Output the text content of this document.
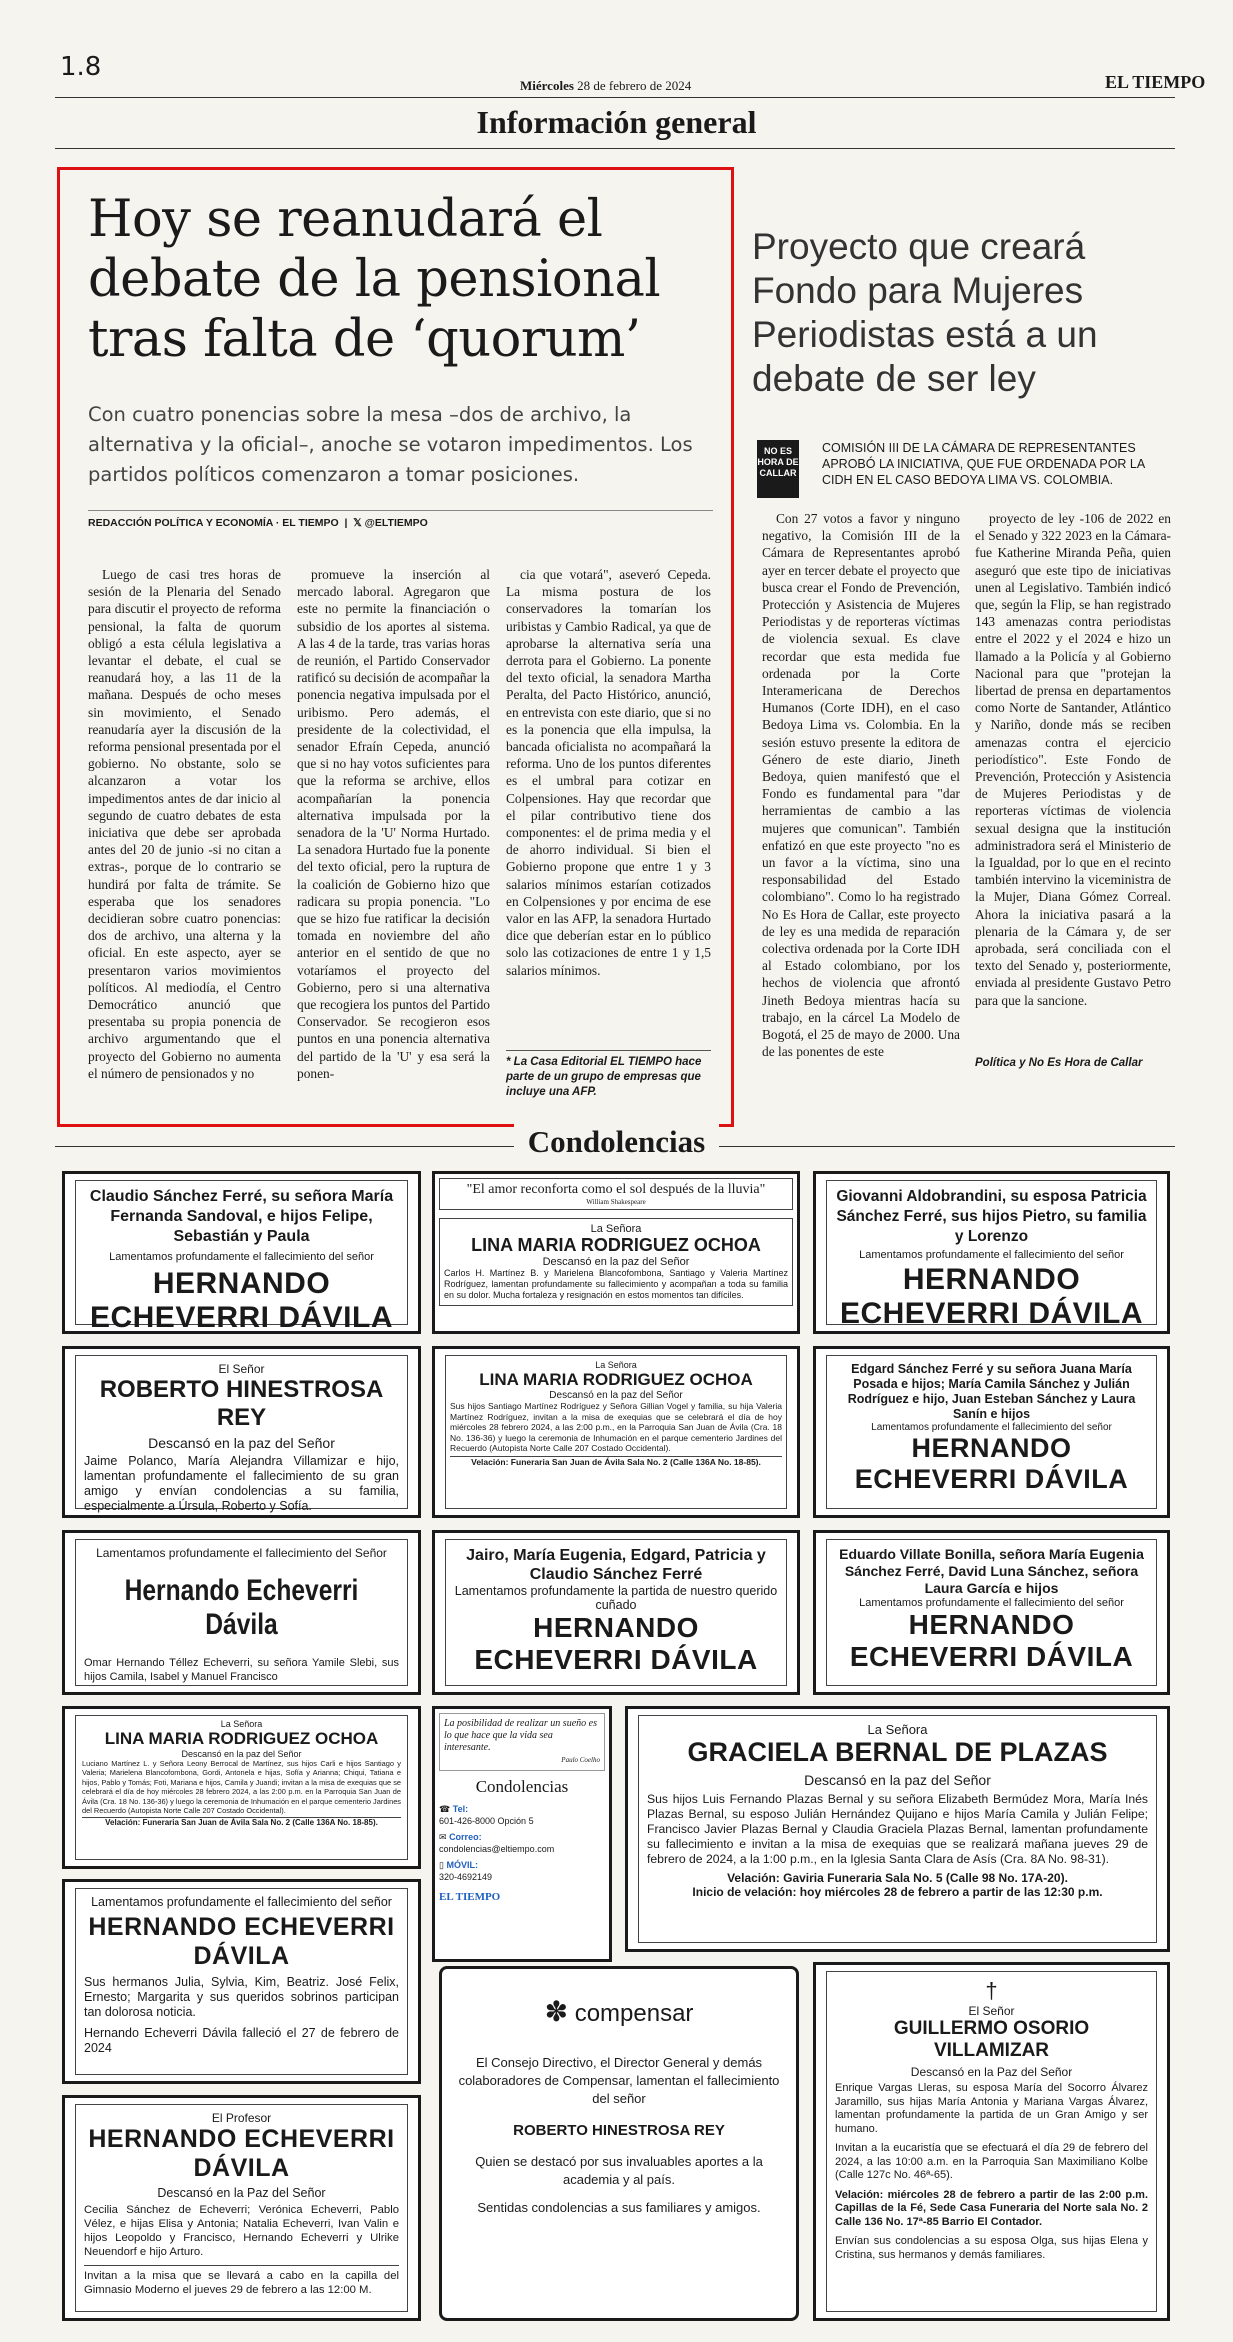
1.8
Miércoles 28 de febrero de 2024	EL TIEMPO
Información general
Hoy se reanudará el debate de la pensional tras falta de ‘quorum’
Con cuatro ponencias sobre la mesa –dos de archivo, la alternativa y la oficial–, anoche se votaron impedimentos. Los partidos políticos comenzaron a tomar posiciones.
REDACCIÓN POLÍTICA Y ECONOMÍA · EL TIEMPO  |  𝕏 @ELTIEMPO

Luego de casi tres horas de sesión de la Plenaria del Senado para discutir el proyecto de reforma pensional, la falta de quorum obligó a esta célula legislativa a levantar el debate, el cual se reanudará hoy, a las 11 de la mañana. Después de ocho meses sin movimiento, el Senado reanudaría ayer la discusión de la reforma pensional presentada por el gobierno. No obstante, solo se alcanzaron a votar los impedimentos antes de dar inicio al segundo de cuatro debates de esta iniciativa que debe ser aprobada antes del 20 de junio -si no citan a extras-, porque de lo contrario se hundirá por falta de trámite. Se esperaba que los senadores decidieran sobre cuatro ponencias: dos de archivo, una alterna y la oficial. En este aspecto, ayer se presentaron varios movimientos políticos. Al mediodía, el Centro Democrático anunció que presentaba su propia ponencia de archivo argumentando que el proyecto del Gobierno no aumenta el número de pensionados y no

promueve la inserción al mercado laboral. Agregaron que este no permite la financiación o subsidio de los aportes al sistema. A las 4 de la tarde, tras varias horas de reunión, el Partido Conservador ratificó su decisión de acompañar la ponencia negativa impulsada por el uribismo. Pero además, el presidente de la colectividad, el senador Efraín Cepeda, anunció que si no hay votos suficientes para que la reforma se archive, ellos acompañarían la ponencia alternativa impulsada por la senadora de la 'U' Norma Hurtado. La senadora Hurtado fue la ponente del texto oficial, pero la ruptura de la coalición de Gobierno hizo que radicara su propia ponencia. "Lo que se hizo fue ratificar la decisión tomada en noviembre del año anterior en el sentido de que no votaríamos el proyecto del Gobierno, pero si una alternativa que recogiera los puntos del Partido Conservador. Se recogieron esos puntos en una ponencia alternativa del partido de la 'U' y esa será la ponen-

cia que votará", aseveró Cepeda. La misma postura de los conservadores la tomarían los uribistas y Cambio Radical, ya que de aprobarse la alternativa sería una derrota para el Gobierno. La ponente del texto oficial, la senadora Martha Peralta, del Pacto Histórico, anunció, en entrevista con este diario, que si no es la ponencia que ella impulsa, la bancada oficialista no acompañará la reforma. Uno de los puntos diferentes es el umbral para cotizar en Colpensiones. Hay que recordar que el pilar contributivo tiene dos componentes: el de prima media y el de ahorro individual. Si bien el Gobierno propone que entre 1 y 3 salarios mínimos estarían cotizados en Colpensiones y por encima de ese valor en las AFP, la senadora Hurtado dice que deberían estar en lo público solo las cotizaciones de entre 1 y 1,5 salarios mínimos.

* La Casa Editorial EL TIEMPO hace parte de un grupo de empresas que incluye una AFP.
Proyecto que creará Fondo para Mujeres Periodistas está a un debate de ser ley
NO ES HORA DE CALLAR
COMISIÓN III DE LA CÁMARA DE REPRESENTANTES APROBÓ LA INICIATIVA, QUE FUE ORDENADA POR LA CIDH EN EL CASO BEDOYA LIMA VS. COLOMBIA.

Con 27 votos a favor y ninguno negativo, la Comisión III de la Cámara de Representantes aprobó ayer en tercer debate el proyecto que busca crear el Fondo de Prevención, Protección y Asistencia de Mujeres Periodistas y de reporteras víctimas de violencia sexual. Es clave recordar que esta medida fue ordenada por la Corte Interamericana de Derechos Humanos (Corte IDH), en el caso Bedoya Lima vs. Colombia. En la sesión estuvo presente la editora de Género de este diario, Jineth Bedoya, quien manifestó que el Fondo es fundamental para "dar herramientas de cambio a las mujeres que comunican". También enfatizó en que este proyecto "no es un favor a la víctima, sino una responsabilidad del Estado colombiano". Como lo ha registrado No Es Hora de Callar, este proyecto de ley es una medida de reparación colectiva ordenada por la Corte IDH al Estado colombiano, por los hechos de violencia que afrontó Jineth Bedoya mientras hacía su trabajo, en la cárcel La Modelo de Bogotá, el 25 de mayo de 2000. Una de las ponentes de este

proyecto de ley -106 de 2022 en el Senado y 322 2023 en la Cámara- fue Katherine Miranda Peña, quien aseguró que este tipo de iniciativas unen al Legislativo. También indicó que, según la Flip, se han registrado 143 amenazas contra periodistas entre el 2022 y el 2024 e hizo un llamado a la Policía y al Gobierno Nacional para que "protejan la libertad de prensa en departamentos como Norte de Santander, Atlántico y Nariño, donde más se reciben amenazas contra el ejercicio periodístico". Este Fondo de Prevención, Protección y Asistencia de Mujeres Periodistas y de reporteras víctimas de violencia sexual designa que la institución administradora será el Ministerio de la Igualdad, por lo que en el recinto también intervino la viceministra de la Mujer, Diana Gómez Correal. Ahora la iniciativa pasará a la plenaria de la Cámara y, de ser aprobada, será conciliada con el texto del Senado y, posteriormente, enviada al presidente Gustavo Petro para que la sancione.

Política y No Es Hora de Callar
Condolencias
Claudio Sánchez Ferré, su señora María Fernanda Sandoval, e hijos Felipe, Sebastián y Paula
Lamentamos profundamente el fallecimiento del señor
HERNANDO ECHEVERRI DÁVILA
"El amor reconforta como el sol después de la lluvia"
William Shakespeare
La Señora
LINA MARIA RODRIGUEZ OCHOA
Descansó en la paz del Señor
Carlos H. Martínez B. y Marielena Blancofombona, Santiago y Valeria Martínez Rodríguez, lamentan profundamente su fallecimiento y acompañan a toda su familia en su dolor. Mucha fortaleza y resignación en estos momentos tan difíciles.
Giovanni Aldobrandini, su esposa Patricia Sánchez Ferré, sus hijos Pietro, su familia y Lorenzo
Lamentamos profundamente el fallecimiento del señor
HERNANDO ECHEVERRI DÁVILA
El Señor
ROBERTO HINESTROSA REY
Descansó en la paz del Señor
Jaime Polanco, María Alejandra Villamizar e hijo, lamentan profundamente el fallecimiento de su gran amigo y envían condolencias a su familia, especialmente a Úrsula, Roberto y Sofía.
La Señora
LINA MARIA RODRIGUEZ OCHOA
Descansó en la paz del Señor
Sus hijos Santiago Martínez Rodríguez y Señora Gillian Vogel y familia, su hija Valeria Martínez Rodríguez, invitan a la misa de exequias que se celebrará el día de hoy miércoles 28 febrero 2024, a las 2:00 p.m., en la Parroquia San Juan de Ávila (Cra. 18 No. 136-36) y luego la ceremonia de Inhumación en el parque cementerio Jardines del Recuerdo (Autopista Norte Calle 207 Costado Occidental).
Velación: Funeraria San Juan de Ávila Sala No. 2 (Calle 136A No. 18-85).
Edgard Sánchez Ferré y su señora Juana María Posada e hijos; María Camila Sánchez y Julián Rodríguez e hijo, Juan Esteban Sánchez y Laura Sanín e hijos
Lamentamos profundamente el fallecimiento del señor
HERNANDO ECHEVERRI DÁVILA
Lamentamos profundamente el fallecimiento del Señor
Hernando Echeverri Dávila
Omar Hernando Téllez Echeverri, su señora Yamile Slebi, sus hijos Camila, Isabel y Manuel Francisco
Jairo, María Eugenia, Edgard, Patricia y Claudio Sánchez Ferré
Lamentamos profundamente la partida de nuestro querido cuñado
HERNANDO ECHEVERRI DÁVILA
Eduardo Villate Bonilla, señora María Eugenia Sánchez Ferré, David Luna Sánchez, señora Laura García e hijos
Lamentamos profundamente el fallecimiento del señor
HERNANDO ECHEVERRI DÁVILA
La Señora
LINA MARIA RODRIGUEZ OCHOA
Descansó en la paz del Señor
Luciano Martínez L. y Señora Leony Berrocal de Martínez, sus hijos Carli e hijos Santiago y Valeria; Marielena Blancofombona, Gordi, Antonela e hijas, Sofía y Arianna; Chiqui, Tatiana e hijos, Pablo y Tomás; Foti, Mariana e hijos, Camila y Juandi; invitan a la misa de exequias que se celebrará el día de hoy miércoles 28 febrero 2024, a las 2:00 p.m. en la Parroquia San Juan de Ávila (Cra. 18 No. 136-36) y luego la ceremonia de Inhumación en el parque cementerio Jardines del Recuerdo (Autopista Norte Calle 207 Costado Occidental).
Velación: Funeraria San Juan de Ávila Sala No. 2 (Calle 136A No. 18-85).
La posibilidad de realizar un sueño es lo que hace que la vida sea interesante.
Paulo Coelho
Condolencias
☎ Tel:
601-426-8000 Opción 5
✉ Correo:
condolencias@eltiempo.com
▯ MÓVIL:
320-4692149
EL TIEMPO
La Señora
GRACIELA BERNAL DE PLAZAS
Descansó en la paz del Señor
Sus hijos Luis Fernando Plazas Bernal y su señora Elizabeth Bermúdez Mora, María Inés Plazas Bernal, su esposo Julián Hernández Quijano e hijos María Camila y Julián Felipe; Francisco Javier Plazas Bernal y Claudia Graciela Plazas Bernal, lamentan profundamente su fallecimiento e invitan a la misa de exequias que se realizará mañana jueves 29 de febrero de 2024, a la 1:00 p.m., en la Iglesia Santa Clara de Asís (Cra. 8A No. 98-31).
Velación: Gaviria Funeraria Sala No. 5 (Calle 98 No. 17A-20).
Inicio de velación: hoy miércoles 28 de febrero a partir de las 12:30 p.m.
Lamentamos profundamente el fallecimiento del señor
HERNANDO ECHEVERRI DÁVILA
Sus hermanos Julia, Sylvia, Kim, Beatriz. José Felix, Ernesto; Margarita y sus queridos sobrinos participan tan dolorosa noticia.
Hernando Echeverri Dávila falleció el 27 de febrero de 2024
✽ compensar
El Consejo Directivo, el Director General y demás colaboradores de Compensar, lamentan el fallecimiento del señor
ROBERTO HINESTROSA REY
Quien se destacó por sus invaluables aportes a la academia y al país.
Sentidas condolencias a sus familiares y amigos.
†
El Señor
GUILLERMO OSORIO VILLAMIZAR
Descansó en la Paz del Señor
Enrique Vargas Lleras, su esposa María del Socorro Álvarez Jaramillo, sus hijas María Antonia y Mariana Vargas Álvarez, lamentan profundamente la partida de un Gran Amigo y ser humano.
Invitan a la eucaristía que se efectuará el día 29 de febrero del 2024, a las 10:00 a.m. en la Parroquia San Maximiliano Kolbe (Calle 127c No. 46ª-65).
Velación: miércoles 28 de febrero a partir de las 2:00 p.m. Capillas de la Fé, Sede Casa Funeraria del Norte sala No. 2 Calle 136 No. 17ª-85 Barrio El Contador.
Envían sus condolencias a su esposa Olga, sus hijas Elena y Cristina, sus hermanos y demás familiares.
El Profesor
HERNANDO ECHEVERRI DÁVILA
Descansó en la Paz del Señor
Cecilia Sánchez de Echeverri; Verónica Echeverri, Pablo Vélez, e hijas Elisa y Antonia; Natalia Echeverri, Ivan Valin e hijos Leopoldo y Francisco, Hernando Echeverri y Ulrike Neuendorf e hijo Arturo.
Invitan a la misa que se llevará a cabo en la capilla del Gimnasio Moderno el jueves 29 de febrero a las 12:00 M.
